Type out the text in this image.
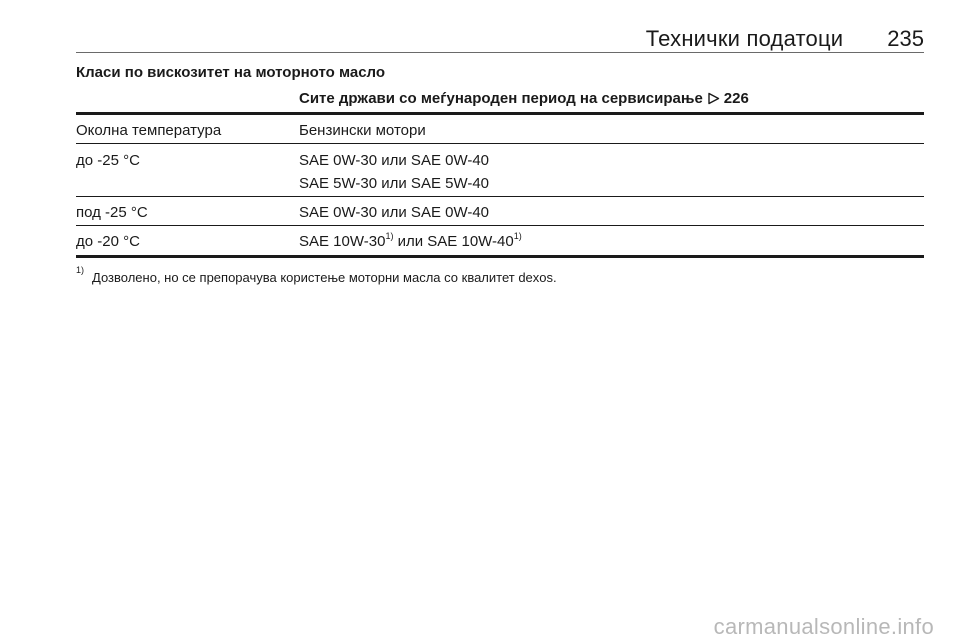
Технички податоци 235
Класи по вискозитет на моторното масло
Сите држави со меѓународен период на сервисирање 226
Околна температура	Бензински мотори
до -25 °C	SAE 0W-30 или SAE 0W-40
SAE 5W-30 или SAE 5W-40
под -25 °C	SAE 0W-30 или SAE 0W-40
до -20 °C	SAE 10W-30$^{1)}$ или SAE 10W-40$^{1)}$
1) Дозволено, но се препорачува користење моторни масла со квалитет dexos.
carmanualsonline.info
